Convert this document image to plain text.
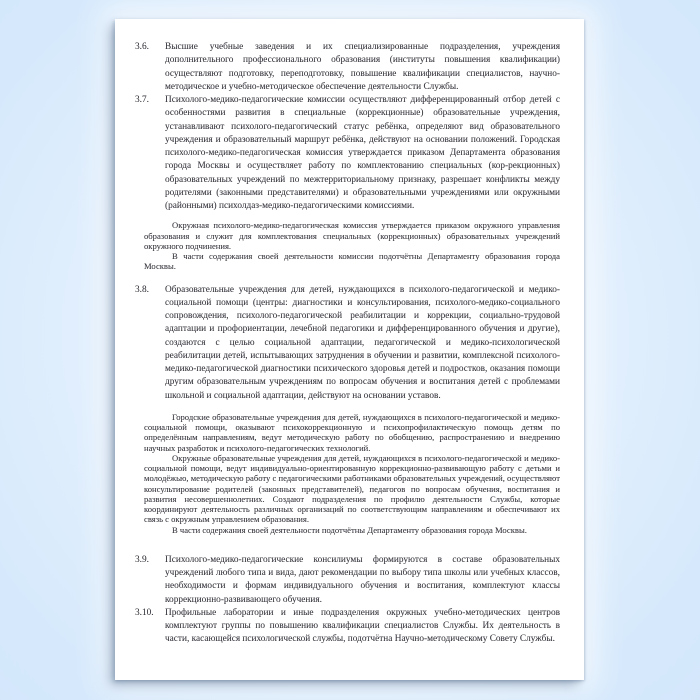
3.6. Высшие учебные заведения и их специализированные подразделения, учреждения дополнительного профессионального образования (институты повышения квалификации) осуществляют подготовку, переподготовку, повышение квалификации специалистов, научно-методическое и учебно-методическое обеспечение деятельности Службы.
3.7. Психолого-медико-педагогические комиссии осуществляют дифференцированный отбор детей с особенностями развития в специальные (коррекционные) образовательные учреждения, устанавливают психолого-педагогический статус ребёнка, определяют вид образовательного учреждения и образовательный маршрут ребёнка, действуют на основании положений. Городская психолого-медико-педагогическая комиссия утверждается приказом Департамента образования города Москвы и осуществляет работу по комплектованию специальных (кор-рекционных) образовательных учреждений по межтерриториальному признаку, разрешает конфликты между родителями (законными представителями) и образовательными учреждениями или окружными (районными) психолдаз-медико-педагогическими комиссиями.

Окружная психолого-медико-педагогическая комиссия утверждается приказом окружного управления образования и служит для комплектования специальных (коррекционных) образовательных учреждений окружного подчинения.

В части содержания своей деятельности комиссии подотчётны Департаменту образования города Москвы.

3.8. Образовательные учреждения для детей, нуждающихся в психолого-педагогической и медико-социальной помощи (центры: диагностики и консультирования, психолого-медико-социального сопровождения, психолого-педагогической реабилитации и коррекции, социально-трудовой адаптации и профориентации, лечебной педагогики и дифференцированного обучения и другие), создаются с целью социальной адаптации, педагогической и медико-психологической реабилитации детей, испытывающих затруднения в обучении и развитии, комплексной психолого-медико-педагогической диагностики психического здоровья детей и подростков, оказания помощи другим образовательным учреждениям по вопросам обучения и воспитания детей с проблемами школьной и социальной адаптации, действуют на основании уставов.

Городские образовательные учреждения для детей, нуждающихся в психолого-педагогической и медико-социальной помощи, оказывают психокоррекционную и психопрофилактическую помощь детям по определённым направлениям, ведут методическую работу по обобщению, распространению и внедрению научных разработок и психолого-педагогических технологий.

Окружные образовательные учреждения для детей, нуждающихся в психолого-педагогической и медико-социальной помощи, ведут индивидуально-ориентированную коррекционно-развивающую работу с детьми и молодёжью, методическую работу с педагогическими работниками образовательных учреждений, осуществляют консультирование родителей (законных представителей), педагогов по вопросам обучения, воспитания и развития несовершеннолетних. Создают подразделения по профилю деятельности Службы, которые координируют деятельность различных организаций по соответствующим направлениям и обеспечивают их связь с окружным управлением образования.

В части содержания своей деятельности подотчётны Департаменту образования города Москвы.

3.9. Психолого-медико-педагогические консилиумы формируются в составе образовательных учреждений любого типа и вида, дают рекомендации по выбору типа школы или учебных классов, необходимости и формам индивидуального обучения и воспитания, комплектуют классы коррекционно-развивающего обучения.
3.10. Профильные лаборатории и иные подразделения окружных учебно-методических центров комплектуют группы по повышению квалификации специалистов Службы. Их деятельность в части, касающейся психологической службы, подотчётна Научно-методическому Совету Службы.
